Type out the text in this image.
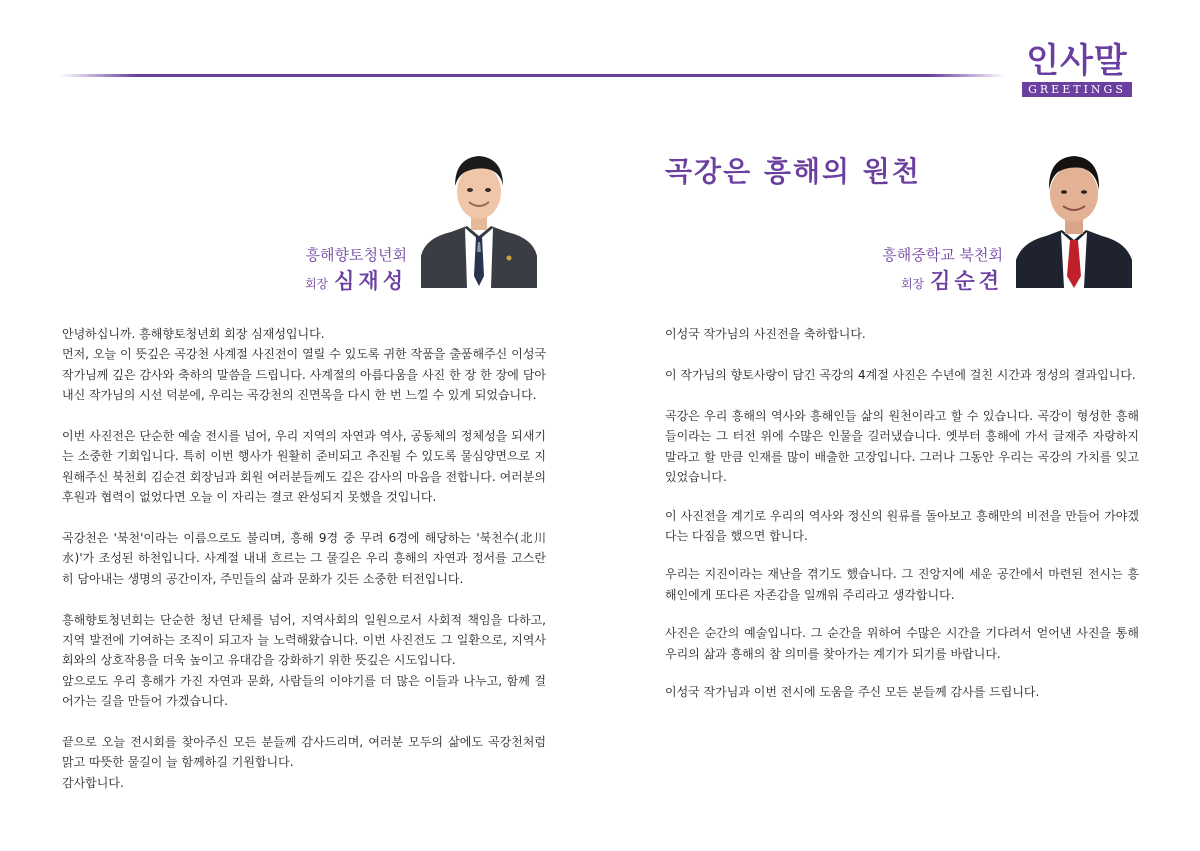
인사말
GREETINGS
곡강은 흥해의 원천
흥해향토청년회
회장 심재성
흥해중학교 북천회
회장 김순견

안녕하십니까. 흥해향토청년회 회장 심재성입니다.
먼저, 오늘 이 뜻깊은 곡강천 사계절 사진전이 열릴 수 있도록 귀한 작품을 출품해주신 이성국 작가님께 깊은 감사와 축하의 말씀을 드립니다. 사계절의 아름다움을 사진 한 장 한 장에 담아 내신 작가님의 시선 덕분에, 우리는 곡강천의 진면목을 다시 한 번 느낄 수 있게 되었습니다.

이번 사진전은 단순한 예술 전시를 넘어, 우리 지역의 자연과 역사, 공동체의 정체성을 되새기는 소중한 기회입니다. 특히 이번 행사가 원활히 준비되고 추진될 수 있도록 물심양면으로 지원해주신 북천회 김순견 회장님과 회원 여러분들께도 깊은 감사의 마음을 전합니다. 여러분의 후원과 협력이 없었다면 오늘 이 자리는 결코 완성되지 못했을 것입니다.

곡강천은 '북천'이라는 이름으로도 불리며, 흥해 9경 중 무려 6경에 해당하는 '북천수(北川水)'가 조성된 하천입니다. 사계절 내내 흐르는 그 물길은 우리 흥해의 자연과 정서를 고스란히 담아내는 생명의 공간이자, 주민들의 삶과 문화가 깃든 소중한 터전입니다.

흥해향토청년회는 단순한 청년 단체를 넘어, 지역사회의 일원으로서 사회적 책임을 다하고, 지역 발전에 기여하는 조직이 되고자 늘 노력해왔습니다. 이번 사진전도 그 일환으로, 지역사회와의 상호작용을 더욱 높이고 유대감을 강화하기 위한 뜻깊은 시도입니다.
앞으로도 우리 흥해가 가진 자연과 문화, 사람들의 이야기를 더 많은 이들과 나누고, 함께 걸어가는 길을 만들어 가겠습니다.

끝으로 오늘 전시회를 찾아주신 모든 분들께 감사드리며, 여러분 모두의 삶에도 곡강천처럼 맑고 따뜻한 물길이 늘 함께하길 기원합니다.
감사합니다.

이성국 작가님의 사진전을 축하합니다.

이 작가님의 향토사랑이 담긴 곡강의 4계절 사진은 수년에 걸친 시간과 정성의 결과입니다.

곡강은 우리 흥해의 역사와 흥해인들 삶의 원천이라고 할 수 있습니다. 곡강이 형성한 흥해들이라는 그 터전 위에 수많은 인물을 길러냈습니다. 옛부터 흥해에 가서 글재주 자랑하지 말라고 할 만큼 인재를 많이 배출한 고장입니다. 그러나 그동안 우리는 곡강의 가치를 잊고 있었습니다.

이 사진전을 계기로 우리의 역사와 정신의 원류를 돌아보고 흥해만의 비전을 만들어 가야겠다는 다짐을 했으면 합니다.

우리는 지진이라는 재난을 겪기도 했습니다. 그 진앙지에 세운 공간에서 마련된 전시는 흥해인에게 또다른 자존감을 일깨워 주리라고 생각합니다.

사진은 순간의 예술입니다. 그 순간을 위하여 수많은 시간을 기다려서 얻어낸 사진을 통해 우리의 삶과 흥해의 참 의미를 찾아가는 계기가 되기를 바랍니다.

이성국 작가님과 이번 전시에 도움을 주신 모든 분들께 감사를 드립니다.
